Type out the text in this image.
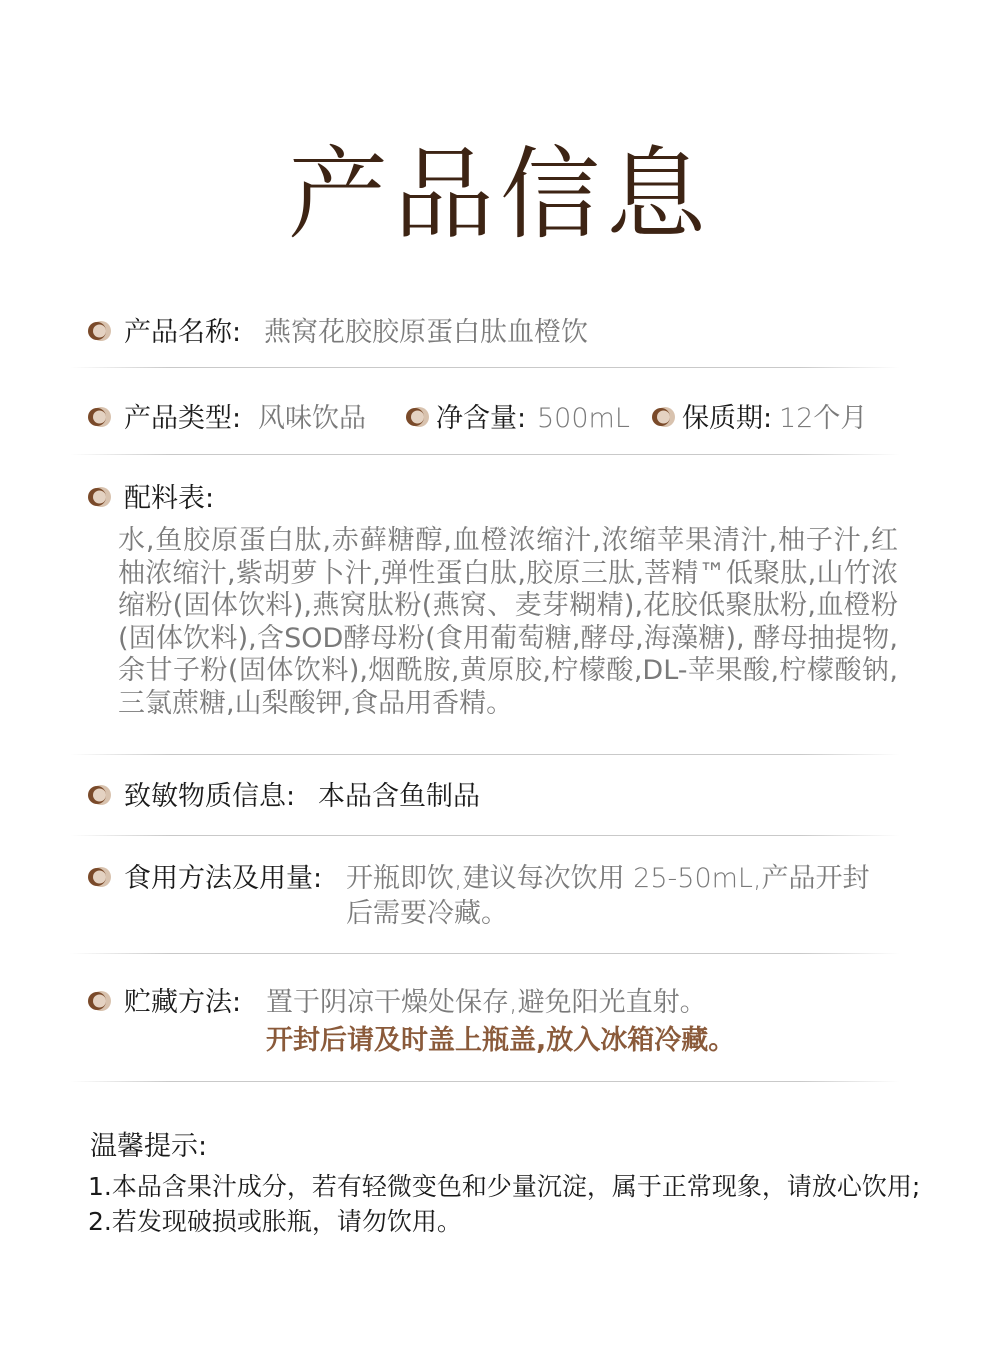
产品信息
产品名称: 燕窝花胶胶原蛋白肽血橙饮
产品类型: 风味饮品	净含量: 500mL 保质期: 12个月
配料表:
水,鱼胶原蛋白肽,赤藓糖醇,血橙浓缩汁,浓缩苹果清汁,柚子汁,红柚浓缩汁,紫胡萝卜汁,弹性蛋白肽,胶原三肽,菩精™低聚肽,山竹浓缩粉(固体饮料),燕窝肽粉(燕窝、麦芽糊精),花胶低聚肽粉,血橙粉(固体饮料),含SOD酵母粉(食用葡萄糖,酵母,海藻糖), 酵母抽提物,余甘子粉(固体饮料),烟酰胺,黄原胶,柠檬酸,DL-苹果酸,柠檬酸钠,三氯蔗糖,山梨酸钾,食品用香精。
致敏物质信息: 本品含鱼制品
食用方法及用量: 开瓶即饮,建议每次饮用 25-50mL,产品开封
后需要冷藏。
贮藏方法: 置于阴凉干燥处保存,避免阳光直射。
开封后请及时盖上瓶盖,放入冰箱冷藏。
温馨提示:
1.本品含果汁成分，若有轻微变色和少量沉淀，属于正常现象，请放心饮用;
2.若发现破损或胀瓶，请勿饮用。
